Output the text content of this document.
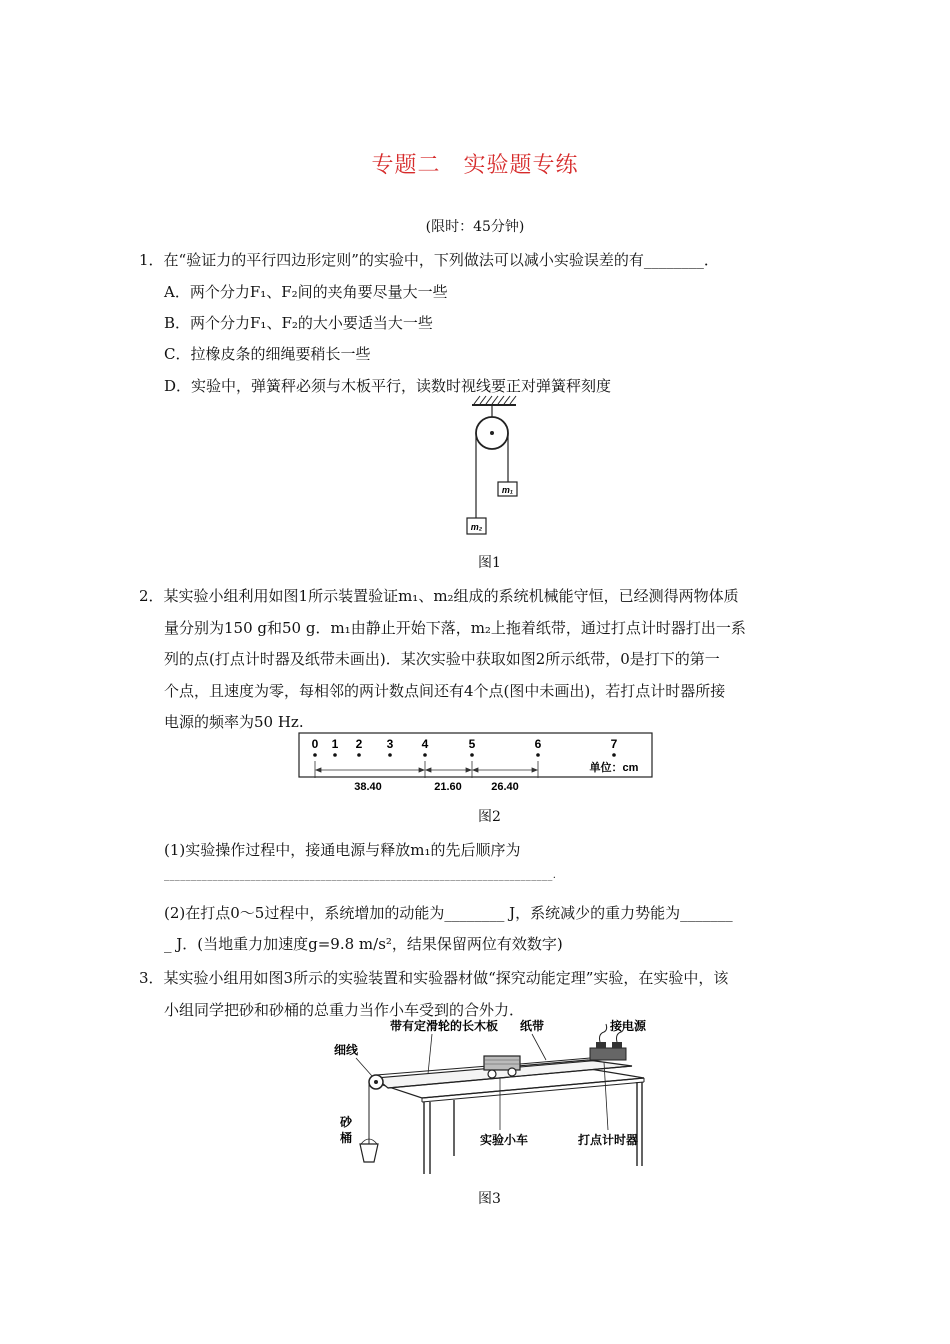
专题二　实验题专练
(限时：45分钟)
1．在“验证力的平行四边形定则”的实验中，下列做法可以减小实验误差的有________．
A．两个分力F₁、F₂间的夹角要尽量大一些
B．两个分力F₁、F₂的大小要适当大一些
C．拉橡皮条的细绳要稍长一些
D．实验中，弹簧秤必须与木板平行，读数时视线要正对弹簧秤刻度
m₁
m₂
图1
2．某实验小组利用如图1所示装置验证m₁、m₂组成的系统机械能守恒，已经测得两物体质
量分别为150 g和50 g．m₁由静止开始下落，m₂上拖着纸带，通过打点计时器打出一系
列的点(打点计时器及纸带未画出)．某次实验中获取如图2所示纸带，0是打下的第一
个点，且速度为零，每相邻的两计数点间还有4个点(图中未画出)，若打点计时器所接
电源的频率为50 Hz.
0 1 2 3 4	5	6	7
单位：cm
38.40	21.60	26.40
图2
(1)实验操作过程中，接通电源与释放m₁的先后顺序为
________________________________________________________________________.
(2)在打点0～5过程中，系统增加的动能为________ J，系统减少的重力势能为_______
_ J．(当地重力加速度g=9.8 m/s²，结果保留两位有效数字)
3．某实验小组用如图3所示的实验装置和实验器材做“探究动能定理”实验，在实验中，该
小组同学把砂和砂桶的总重力当作小车受到的合外力．
带有定滑轮的长木板 纸带	接电源
细线
砂
桶	实验小车	打点计时器
图3
